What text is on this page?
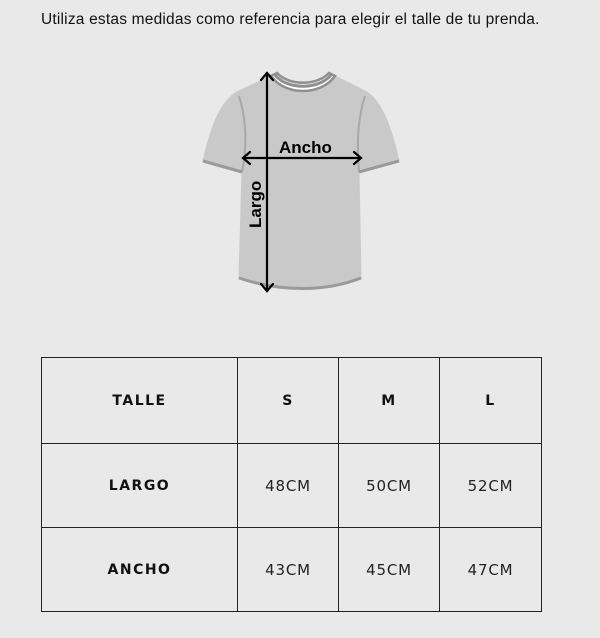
Utiliza estas medidas como referencia para elegir el talle de tu prenda.

Ancho
Largo
TALLE	S	M	L
LARGO	48CM	50CM	52CM
ANCHO	43CM	45CM	47CM
